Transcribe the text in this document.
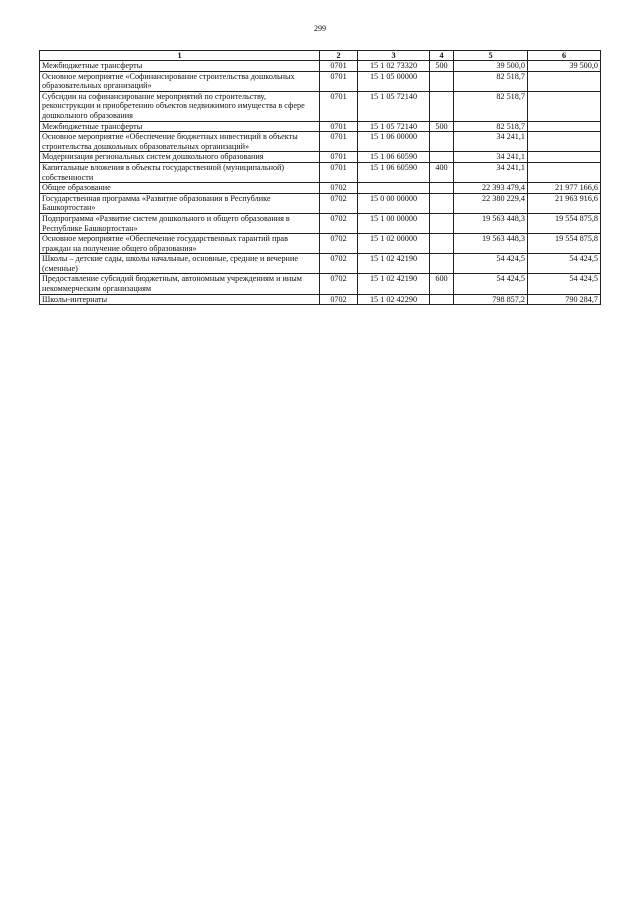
299
1	2	3	4	5	6
Межбюджетные трансферты	0701	15 1 02 73320	500	39 500,0	39 500,0
Основное мероприятие «Софинансирование строительства дошкольных образовательных организаций»	0701	15 1 05 00000		82 518,7	
Субсидии на софинансирование мероприятий по строительству, реконструкции и приобретению объектов недвижимого имущества в сфере дошкольного образования	0701	15 1 05 72140		82 518,7	
Межбюджетные трансферты	0701	15 1 05 72140	500	82 518,7	
Основное мероприятие «Обеспечение бюджетных инвестиций в объекты строительства дошкольных образовательных организаций»	0701	15 1 06 00000		34 241,1	
Модернизация региональных систем дошкольного образования	0701	15 1 06 60590		34 241,1	
Капитальные вложения в объекты государственной (муниципальной) собственности	0701	15 1 06 60590	400	34 241,1	
Общее образование	0702			22 393 479,4	21 977 166,6
Государственная программа «Развитие образования в Республике Башкортостан»	0702	15 0 00 00000		22 380 229,4	21 963 916,6
Подпрограмма «Развитие систем дошкольного и общего образования в Республике Башкортостан»	0702	15 1 00 00000		19 563 448,3	19 554 875,8
Основное мероприятие «Обеспечение государственных гарантий прав граждан на получение общего образования»	0702	15 1 02 00000		19 563 448,3	19 554 875,8
Школы – детские сады, школы начальные, основные, средние и вечерние (сменные)	0702	15 1 02 42190		54 424,5	54 424,5
Предоставление субсидий бюджетным, автономным учреждениям и иным некоммерческим организациям	0702	15 1 02 42190	600	54 424,5	54 424,5
Школы-интернаты	0702	15 1 02 42290		798 857,2	790 284,7
